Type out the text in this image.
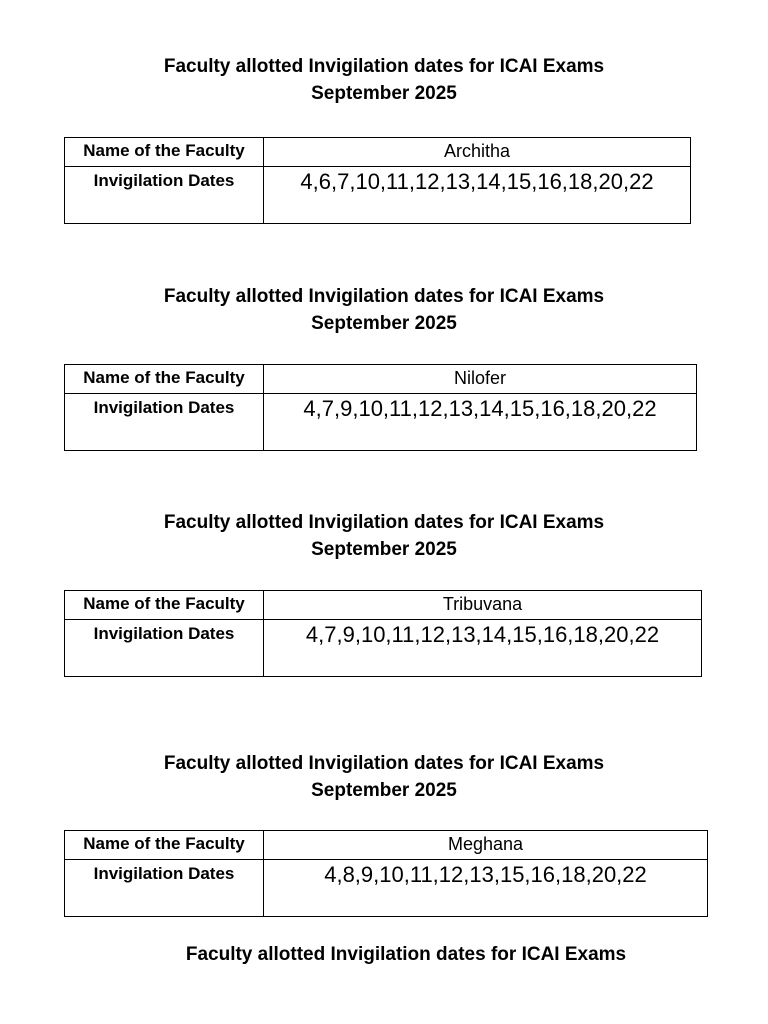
Faculty allotted Invigilation dates for ICAI Exams
September 2025
Name of the Faculty	Architha
Invigilation Dates	4,6,7,10,11,12,13,14,15,16,18,20,22
Faculty allotted Invigilation dates for ICAI Exams
September 2025
Name of the Faculty	Nilofer
Invigilation Dates	4,7,9,10,11,12,13,14,15,16,18,20,22
Faculty allotted Invigilation dates for ICAI Exams
September 2025
Name of the Faculty	Tribuvana
Invigilation Dates	4,7,9,10,11,12,13,14,15,16,18,20,22
Faculty allotted Invigilation dates for ICAI Exams
September 2025
Name of the Faculty	Meghana
Invigilation Dates	4,8,9,10,11,12,13,15,16,18,20,22
Faculty allotted Invigilation dates for ICAI Exams
